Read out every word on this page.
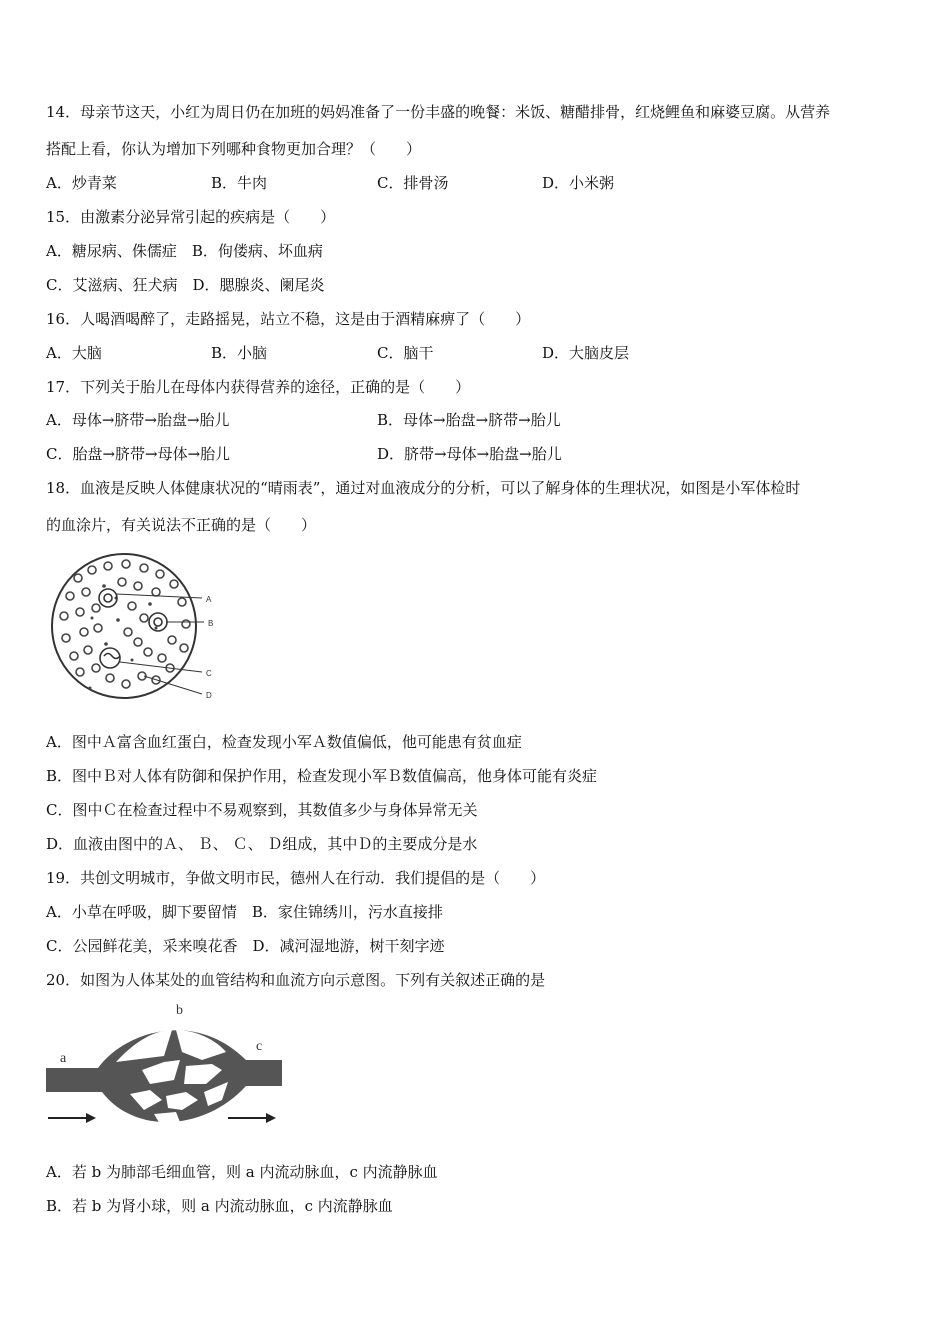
14．母亲节这天，小红为周日仍在加班的妈妈准备了一份丰盛的晚餐：米饭、糖醋排骨，红烧鲤鱼和麻婆豆腐。从营养
搭配上看，你认为增加下列哪种食物更加合理？（　　）
A．炒青菜	B．牛肉	C．排骨汤	D．小米粥
15．由激素分泌异常引起的疾病是（　　）
A．糖尿病、侏儒症　B．佝偻病、坏血病
C．艾滋病、狂犬病　D．腮腺炎、阑尾炎
16．人喝酒喝醉了，走路摇晃，站立不稳，这是由于酒精麻痹了（　　）
A．大脑	B．小脑	C．脑干	D．大脑皮层
17．下列关于胎儿在母体内获得营养的途径，正确的是（　　）
A．母体→脐带→胎盘→胎儿	B．母体→胎盘→脐带→胎儿
C．胎盘→脐带→母体→胎儿	D．脐带→母体→胎盘→胎儿
18．血液是反映人体健康状况的“晴雨表”，通过对血液成分的分析，可以了解身体的生理状况，如图是小军体检时
的血涂片，有关说法不正确的是（　　）
A
B
C
D
A．图中Ａ富含血红蛋白，检查发现小军Ａ数值偏低，他可能患有贫血症
B．图中Ｂ对人体有防御和保护作用，检查发现小军Ｂ数值偏高，他身体可能有炎症
C．图中Ｃ在检查过程中不易观察到，其数值多少与身体异常无关
D．血液由图中的Ａ、 Ｂ、 Ｃ、 Ｄ组成，其中Ｄ的主要成分是水
19．共创文明城市，争做文明市民，德州人在行动．我们提倡的是（　　）
A．小草在呼吸，脚下要留情　B．家住锦绣川，污水直接排
C．公园鲜花美，采来嗅花香　D．减河湿地游，树干刻字迹
20．如图为人体某处的血管结构和血流方向示意图。下列有关叙述正确的是
a
b
c
A．若 b 为肺部毛细血管，则 a 内流动脉血，c 内流静脉血
B．若 b 为肾小球，则 a 内流动脉血，c 内流静脉血
